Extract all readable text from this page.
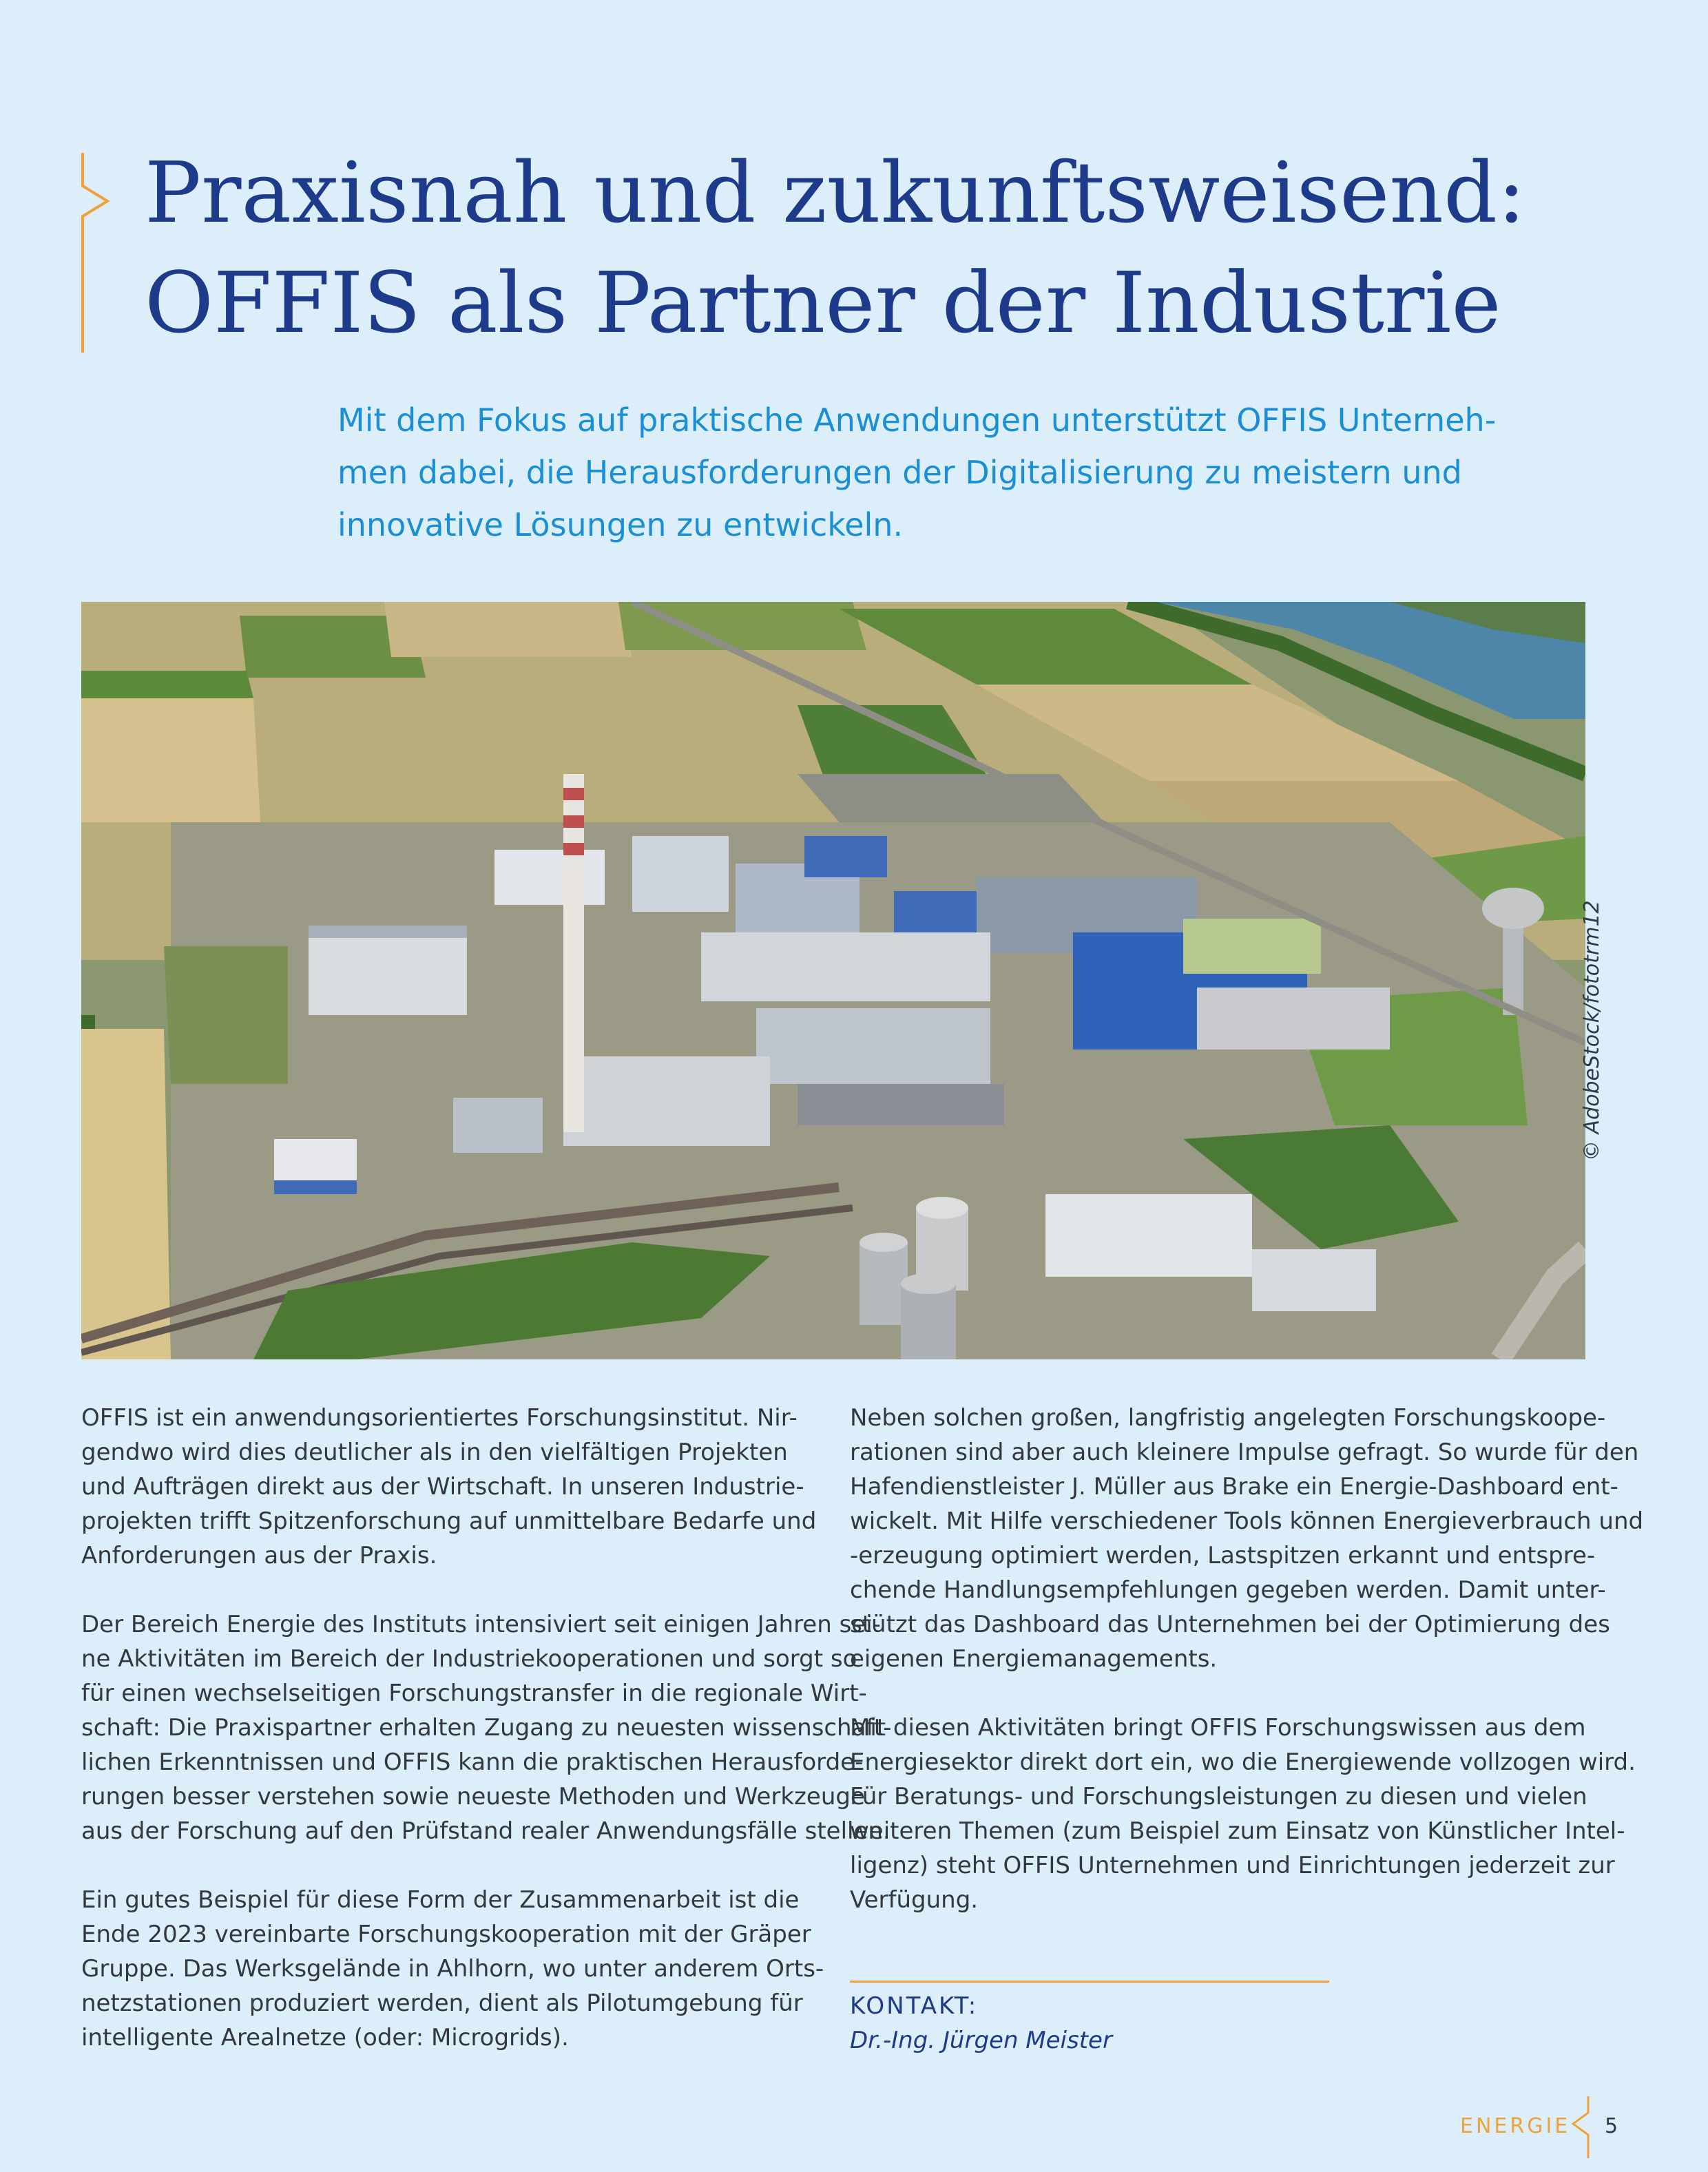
Praxisnah und zukunftsweisend:
OFFIS als Partner der Industrie
Mit dem Fokus auf praktische Anwendungen unterstützt OFFIS Unterneh-
men dabei, die Herausforderungen der Digitalisierung zu meistern und
innovative Lösungen zu entwickeln.
© AdobeStock/fototrm12

OFFIS ist ein anwendungsorientiertes Forschungsinstitut. Nir-
gendwo wird dies deutlicher als in den vielfältigen Projekten
und Aufträgen direkt aus der Wirtschaft. In unseren Industrie-
projekten trifft Spitzenforschung auf unmittelbare Bedarfe und
Anforderungen aus der Praxis.

Der Bereich Energie des Instituts intensiviert seit einigen Jahren sei-
ne Aktivitäten im Bereich der Industriekooperationen und sorgt so
für einen wechselseitigen Forschungstransfer in die regionale Wirt-
schaft: Die Praxispartner erhalten Zugang zu neuesten wissenschaft-
lichen Erkenntnissen und OFFIS kann die praktischen Herausforde-
rungen besser verstehen sowie neueste Methoden und Werkzeuge
aus der Forschung auf den Prüfstand realer Anwendungsfälle stellen.

Ein gutes Beispiel für diese Form der Zusammenarbeit ist die
Ende 2023 vereinbarte Forschungskooperation mit der Gräper
Gruppe. Das Werksgelände in Ahlhorn, wo unter anderem Orts-
netzstationen produziert werden, dient als Pilotumgebung für
intelligente Arealnetze (oder: Microgrids).

Neben solchen großen, langfristig angelegten Forschungskoope-
rationen sind aber auch kleinere Impulse gefragt. So wurde für den
Hafendienstleister J. Müller aus Brake ein Energie-Dashboard ent-
wickelt. Mit Hilfe verschiedener Tools können Energieverbrauch und
-erzeugung optimiert werden, Lastspitzen erkannt und entspre-
chende Handlungsempfehlungen gegeben werden. Damit unter-
stützt das Dashboard das Unternehmen bei der Optimierung des
eigenen Energiemanagements.

Mit diesen Aktivitäten bringt OFFIS Forschungswissen aus dem
Energiesektor direkt dort ein, wo die Energiewende vollzogen wird.
Für Beratungs- und Forschungsleistungen zu diesen und vielen
weiteren Themen (zum Beispiel zum Einsatz von Künstlicher Intel-
ligenz) steht OFFIS Unternehmen und Einrichtungen jederzeit zur
Verfügung.

KONTAKT:
Dr.-Ing. Jürgen Meister
ENERGIE 5
